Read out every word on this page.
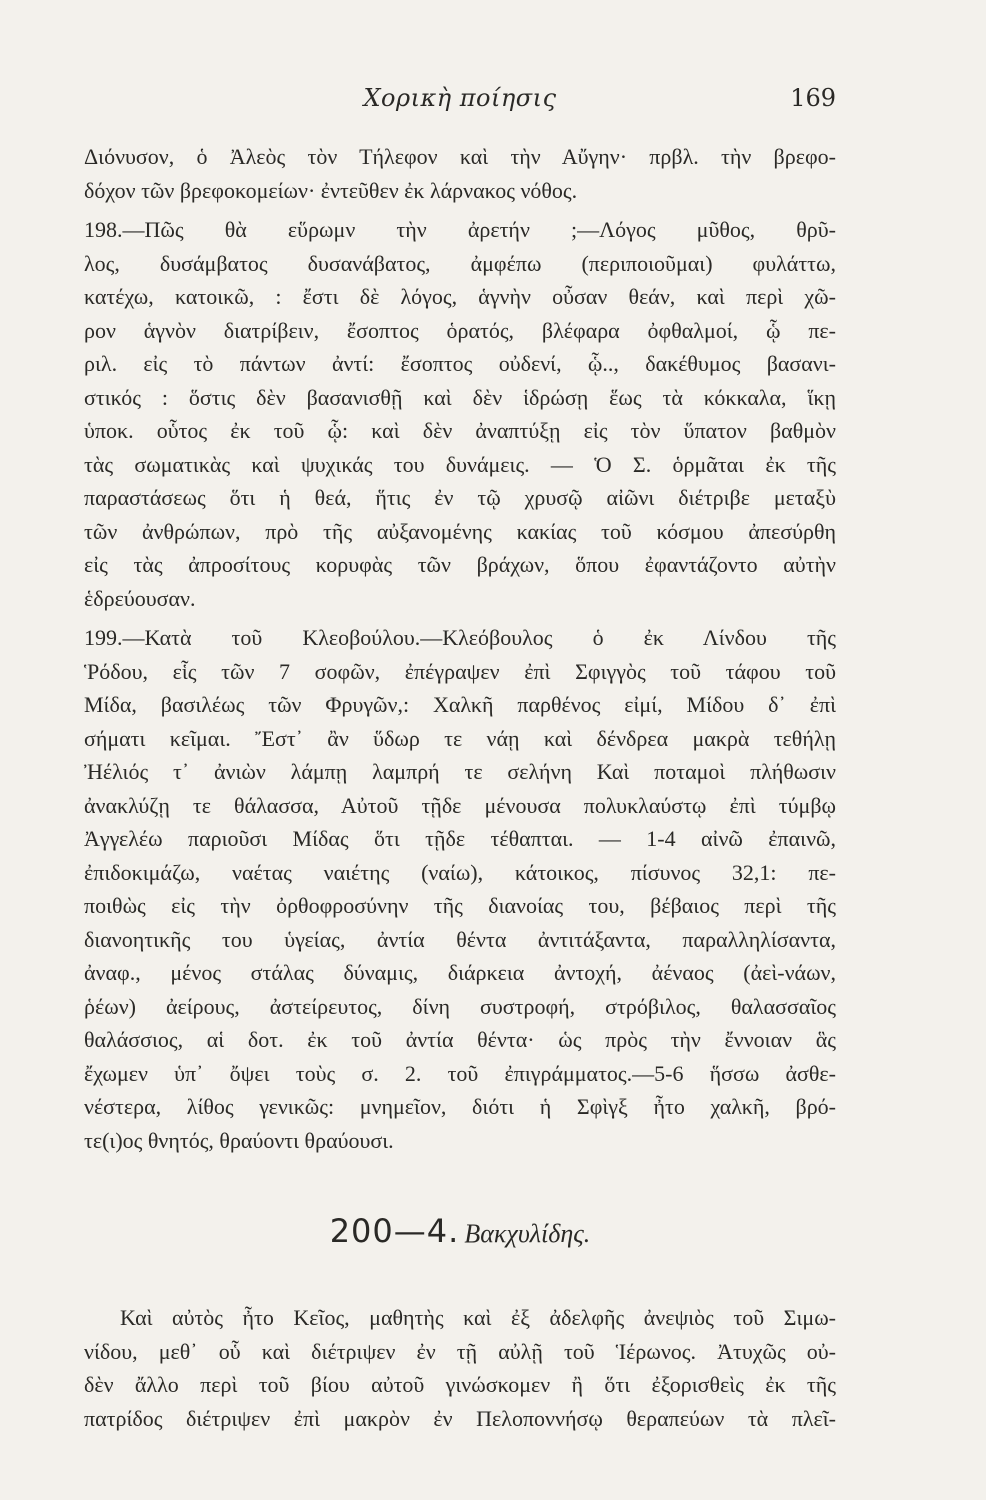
Χορικὴ ποίησις	169
Διόνυσον, ὁ Ἀλεὸς τὸν Τήλεφον καὶ τὴν Αὔγην· πρβλ. τὴν βρεφο-
δόχον τῶν βρεφοκομείων· ἐντεῦθεν ἐκ λάρνακος νόθος.
198.—Πῶς θὰ εὕρωμν τὴν ἀρετήν ;—Λόγος μῦθος, θρῦ-
λος, δυσάμβατος δυσανάβατος, ἀμφέπω (περιποιοῦμαι) φυλάττω,
κατέχω, κατοικῶ, : ἔστι δὲ λόγος, ἁγνὴν οὖσαν θεάν, καὶ περὶ χῶ-
ρον ἁγνὸν διατρίβειν, ἔσοπτος ὁρατός, βλέφαρα ὀφθαλμοί, ᾧ πε-
ριλ. εἰς τὸ πάντων ἀντί: ἔσοπτος οὐδενί, ᾧ.., δακέθυμος βασανι-
στικός : ὅστις δὲν βασανισθῇ καὶ δὲν ἱδρώσῃ ἕως τὰ κόκκαλα, ἵκῃ
ὑποκ. οὗτος ἐκ τοῦ ᾧ: καὶ δὲν ἀναπτύξῃ εἰς τὸν ὕπατον βαθμὸν
τὰς σωματικὰς καὶ ψυχικάς του δυνάμεις. — Ὁ Σ. ὁρμᾶται ἐκ τῆς
παραστάσεως ὅτι ἡ θεά, ἥτις ἐν τῷ χρυσῷ αἰῶνι διέτριβε μεταξὺ
τῶν ἀνθρώπων, πρὸ τῆς αὐξανομένης κακίας τοῦ κόσμου ἀπεσύρθη
εἰς τὰς ἀπροσίτους κορυφὰς τῶν βράχων, ὅπου ἐφαντάζοντο αὐτὴν
ἑδρεύουσαν.
199.—Κατὰ τοῦ Κλεοβούλου.—Κλεόβουλος ὁ ἐκ Λίνδου τῆς
Ῥόδου, εἷς τῶν 7 σοφῶν, ἐπέγραψεν ἐπὶ Σφιγγὸς τοῦ τάφου τοῦ
Μίδα, βασιλέως τῶν Φρυγῶν,: Χαλκῆ παρθένος εἰμί, Μίδου δ᾿ ἐπὶ
σήματι κεῖμαι. Ἔστ᾿ ἂν ὕδωρ τε νάῃ καὶ δένδρεα μακρὰ τεθήλῃ
Ἠέλιός τ᾿ ἀνιὼν λάμπῃ λαμπρή τε σελήνη Καὶ ποταμοὶ πλήθωσιν
ἀνακλύζῃ τε θάλασσα, Αὐτοῦ τῇδε μένουσα πολυκλαύστῳ ἐπὶ τύμβῳ
Ἀγγελέω παριοῦσι Μίδας ὅτι τῇδε τέθαπται. — 1-4 αἰνῶ ἐπαινῶ,
ἐπιδοκιμάζω, ναέτας ναιέτης (ναίω), κάτοικος, πίσυνος 32,1: πε-
ποιθὼς εἰς τὴν ὀρθοφροσύνην τῆς διανοίας του, βέβαιος περὶ τῆς
διανοητικῆς του ὑγείας, ἀντία θέντα ἀντιτάξαντα, παραλληλίσαντα,
ἀναφ., μένος στάλας δύναμις, διάρκεια ἀντοχή, ἀέναος (ἀεὶ-νάων,
ῥέων) ἀείρους, ἀστείρευτος, δίνη συστροφή, στρόβιλος, θαλασσαῖος
θαλάσσιος, αἱ δοτ. ἐκ τοῦ ἀντία θέντα· ὡς πρὸς τὴν ἔννοιαν ἃς
ἔχωμεν ὑπ᾿ ὄψει τοὺς σ. 2. τοῦ ἐπιγράμματος.—5-6 ἥσσω ἀσθε-
νέστερα, λίθος γενικῶς: μνημεῖον, διότι ἡ Σφὶγξ ἦτο χαλκῆ, βρό-
τε(ι)ος θνητός, θραύοντι θραύουσι.
200—4. Βακχυλίδης.
Καὶ αὐτὸς ἦτο Κεῖος, μαθητὴς καὶ ἐξ ἀδελφῆς ἀνεψιὸς τοῦ Σιμω-
νίδου, μεθ᾿ οὗ καὶ διέτριψεν ἐν τῇ αὐλῇ τοῦ Ἱέρωνος. Ἀτυχῶς οὐ-
δὲν ἄλλο περὶ τοῦ βίου αὐτοῦ γινώσκομεν ἢ ὅτι ἐξορισθεὶς ἐκ τῆς
πατρίδος διέτριψεν ἐπὶ μακρὸν ἐν Πελοποννήσῳ θεραπεύων τὰ πλεῖ-
